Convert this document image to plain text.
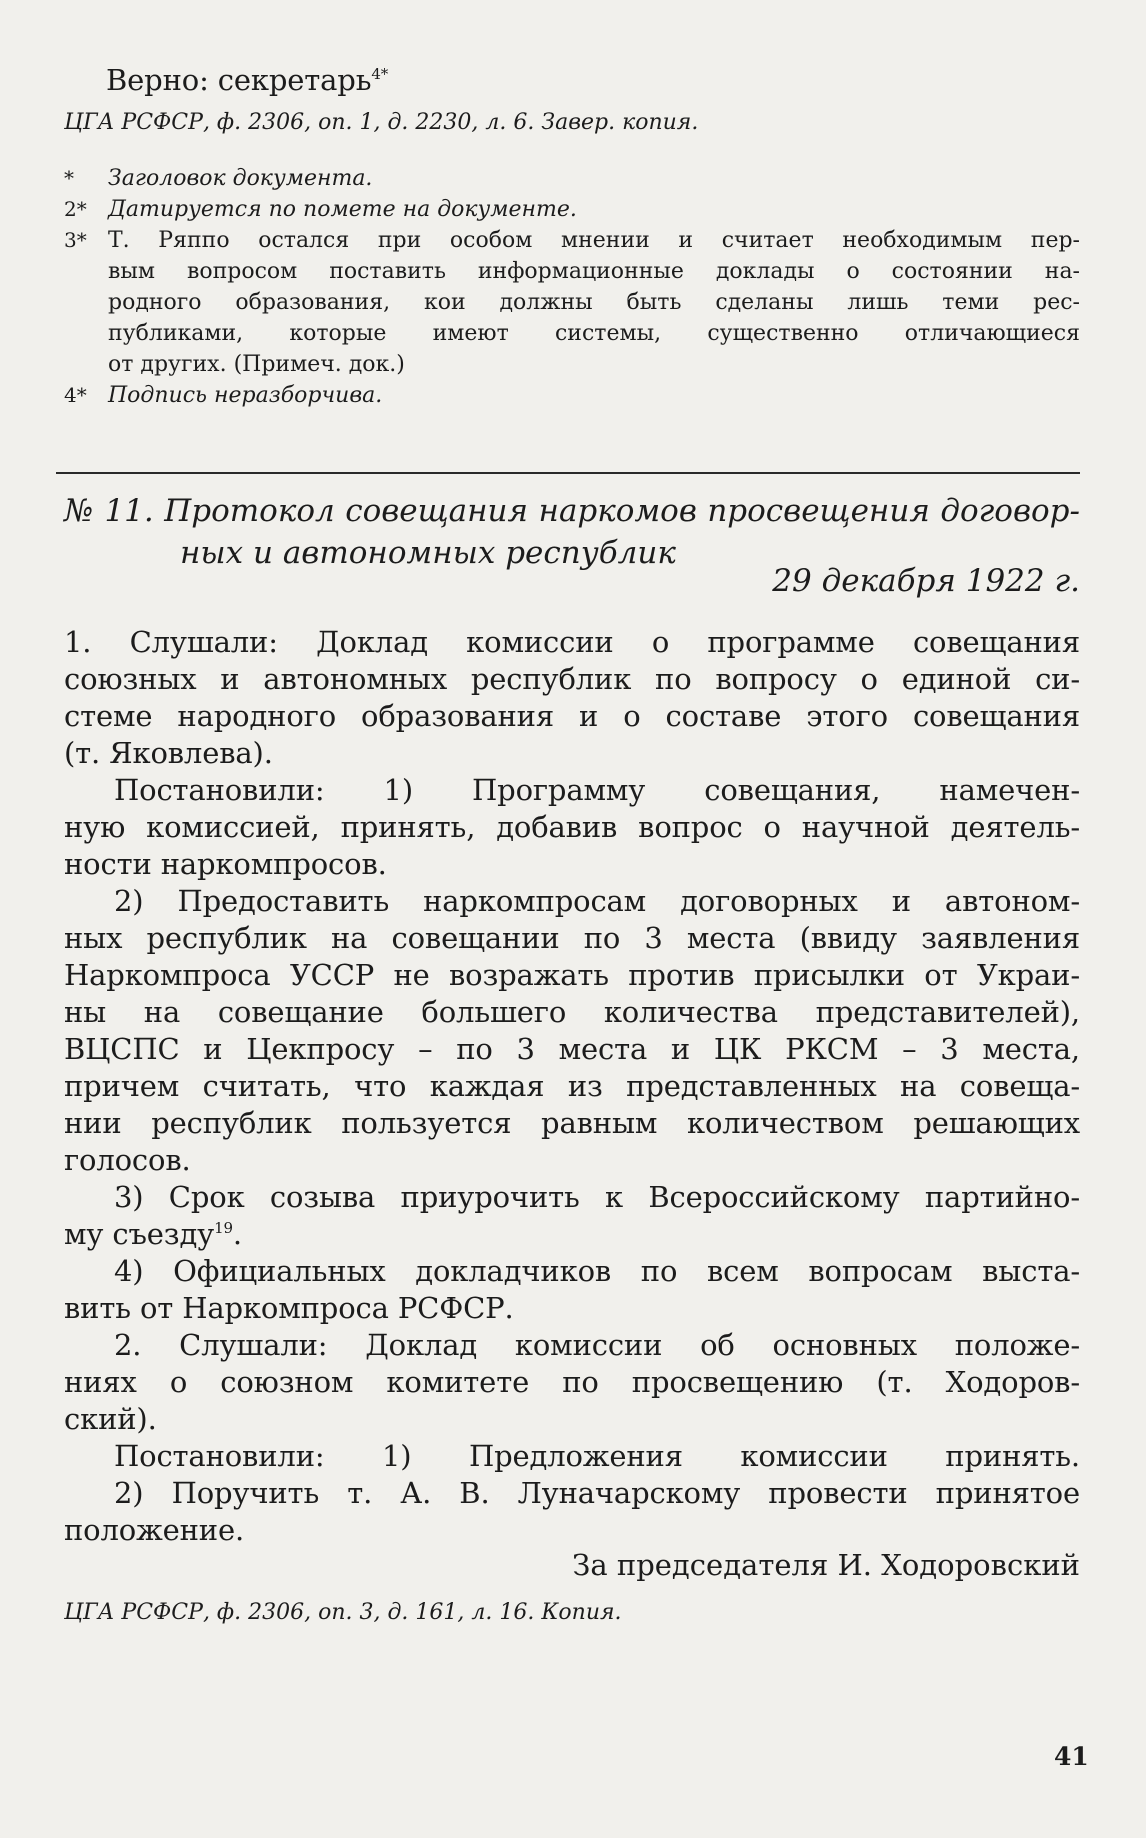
Верно: секретарь$^{4*}$
ЦГА РСФСР, ф. 2306, оп. 1, д. 2230, л. 6. Завер. копия.
* Заголовок документа.
2* Датируется по помете на документе.
3* Т. Ряппо остался при особом мнении и считает необходимым пер-
вым вопросом поставить информационные доклады о состоянии на-
родного образования, кои должны быть сделаны лишь теми рес-
публиками, которые имеют системы, существенно отличающиеся
от других. (Примеч. док.)
4* Подпись неразборчива.
№ 11. Протокол совещания наркомов просвещения договор-
ных и автономных республик
29 декабря 1922 г.
1. Слушали: Доклад комиссии о программе совещания
союзных и автономных республик по вопросу о единой си-
стеме народного образования и о составе этого совещания
(т. Яковлева).
Постановили: 1) Программу совещания, намечен-
ную комиссией, принять, добавив вопрос о научной деятель-
ности наркомпросов.
2) Предоставить наркомпросам договорных и автоном-
ных республик на совещании по 3 места (ввиду заявления
Наркомпроса УССР не возражать против присылки от Украи-
ны на совещание большего количества представителей),
ВЦСПС и Цекпросу – по 3 места и ЦК РКСМ – 3 места,
причем считать, что каждая из представленных на совеща-
нии республик пользуется равным количеством решающих
голосов.
3) Срок созыва приурочить к Всероссийскому партийно-
му съезду$^{19}$.
4) Официальных докладчиков по всем вопросам выста-
вить от Наркомпроса РСФСР.
2. Слушали: Доклад комиссии об основных положе-
ниях о союзном комитете по просвещению (т. Ходоров-
ский).
Постановили: 1) Предложения комиссии принять.
2) Поручить т. А. В. Луначарскому провести принятое
положение.
За председателя И. Ходоровский
ЦГА РСФСР, ф. 2306, оп. 3, д. 161, л. 16. Копия.
41
